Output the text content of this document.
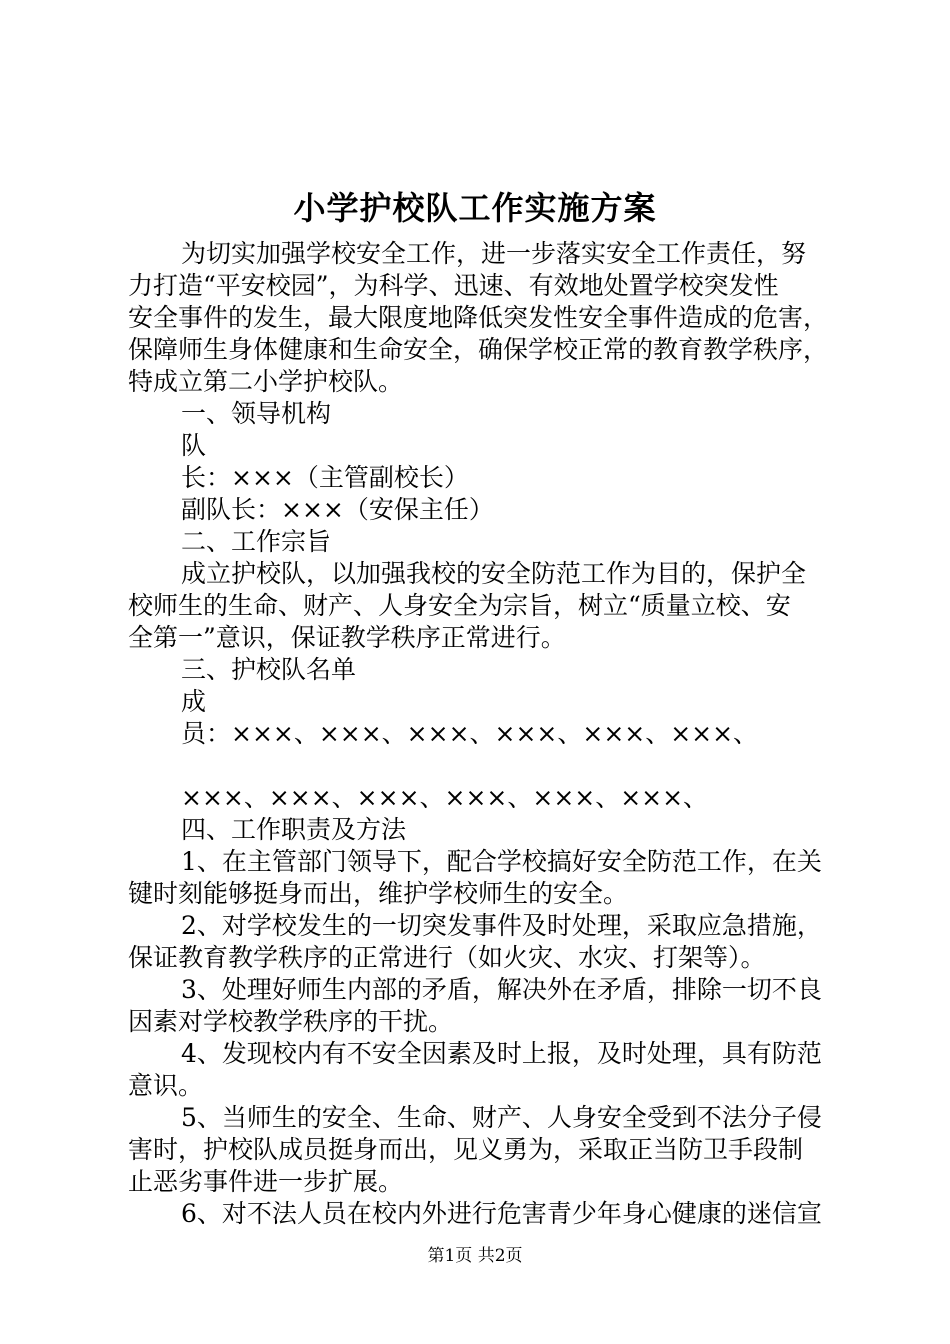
小学护校队工作实施方案
为切实加强学校安全工作，进一步落实安全工作责任，努
力打造“平安校园”，为科学、迅速、有效地处置学校突发性
安全事件的发生，最大限度地降低突发性安全事件造成的危害，
保障师生身体健康和生命安全，确保学校正常的教育教学秩序，
特成立第二小学护校队。
一、领导机构
队
长：×××（主管副校长）
副队长：×××（安保主任）
二、工作宗旨
成立护校队，以加强我校的安全防范工作为目的，保护全
校师生的生命、财产、人身安全为宗旨，树立“质量立校、安
全第一”意识，保证教学秩序正常进行。
三、护校队名单
成
员：×××、×××、×××、×××、×××、×××、
×××、×××、×××、×××、×××、×××、
四、工作职责及方法
1、在主管部门领导下，配合学校搞好安全防范工作，在关
键时刻能够挺身而出，维护学校师生的安全。
2、对学校发生的一切突发事件及时处理，采取应急措施，
保证教育教学秩序的正常进行（如火灾、水灾、打架等）。
3、处理好师生内部的矛盾，解决外在矛盾，排除一切不良
因素对学校教学秩序的干扰。
4、发现校内有不安全因素及时上报，及时处理，具有防范
意识。
5、当师生的安全、生命、财产、人身安全受到不法分子侵
害时，护校队成员挺身而出，见义勇为，采取正当防卫手段制
止恶劣事件进一步扩展。
6、对不法人员在校内外进行危害青少年身心健康的迷信宣
第1页 共2页
